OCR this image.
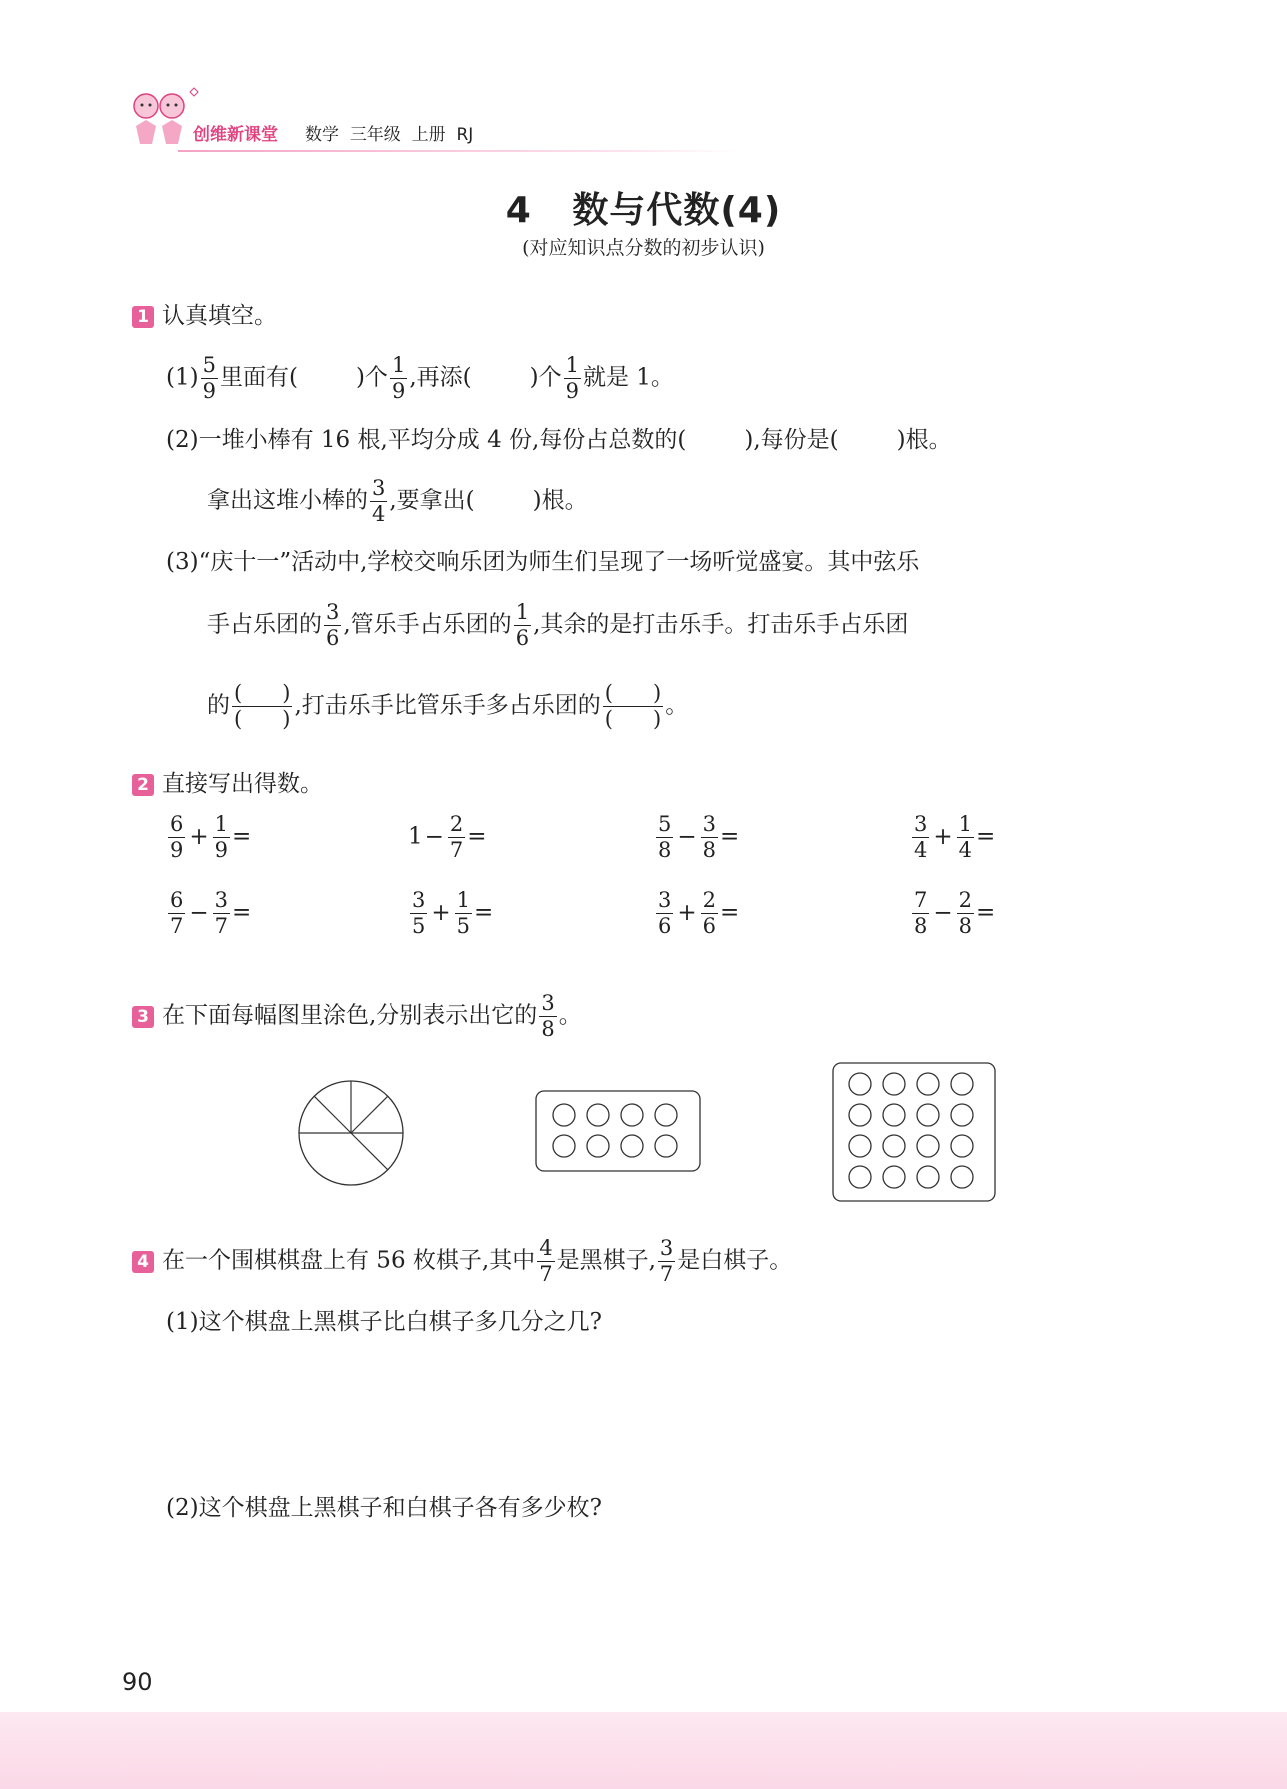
创维新课堂 数学 三年级 上册 RJ
4   数与代数(4)
(对应知识点分数的初步认识)
1 认真填空。
$(1) \frac{5}{9}$ 里面有(	)个 $\frac{1}{9}$ ,再添(	)个 $\frac{1}{9}$ 就是 1。
(2)一堆小棒有 16 根,平均分成 4 份,每份占总数的(	),每份是(	)根。
拿出这堆小棒的 $\frac{3}{4}$ ,要拿出(	)根。
(3)“庆十一”活动中,学校交响乐团为师生们呈现了一场听觉盛宴。其中弦乐
手占乐团的 $\frac{3}{6}$ ,管乐手占乐团的 $\frac{1}{6}$ ,其余的是打击乐手。打击乐手占乐团
的 $\frac{( )}{( )}$ ,打击乐手比管乐手多占乐团的 $\frac{( )}{( )}$ 。
2 直接写出得数。
$\frac{6}{9} + \frac{1}{9}$ =	$1- \frac{2}{7}$ =	$\frac{5}{8} - \frac{3}{8}$ =	$\frac{3}{4} + \frac{1}{4}$ =
$\frac{6}{7} - \frac{3}{7}$ =	$\frac{3}{5} + \frac{1}{5}$ =	$\frac{3}{6} + \frac{2}{6}$ =	$\frac{7}{8} - \frac{2}{8}$ =
3 在下面每幅图里涂色,分别表示出它的 $\frac{3}{8}$ 。
4 在一个围棋棋盘上有 56 枚棋子,其中 $\frac{4}{7}$ 是黑棋子, $\frac{3}{7}$ 是白棋子。
(1)这个棋盘上黑棋子比白棋子多几分之几?
(2)这个棋盘上黑棋子和白棋子各有多少枚?
90
